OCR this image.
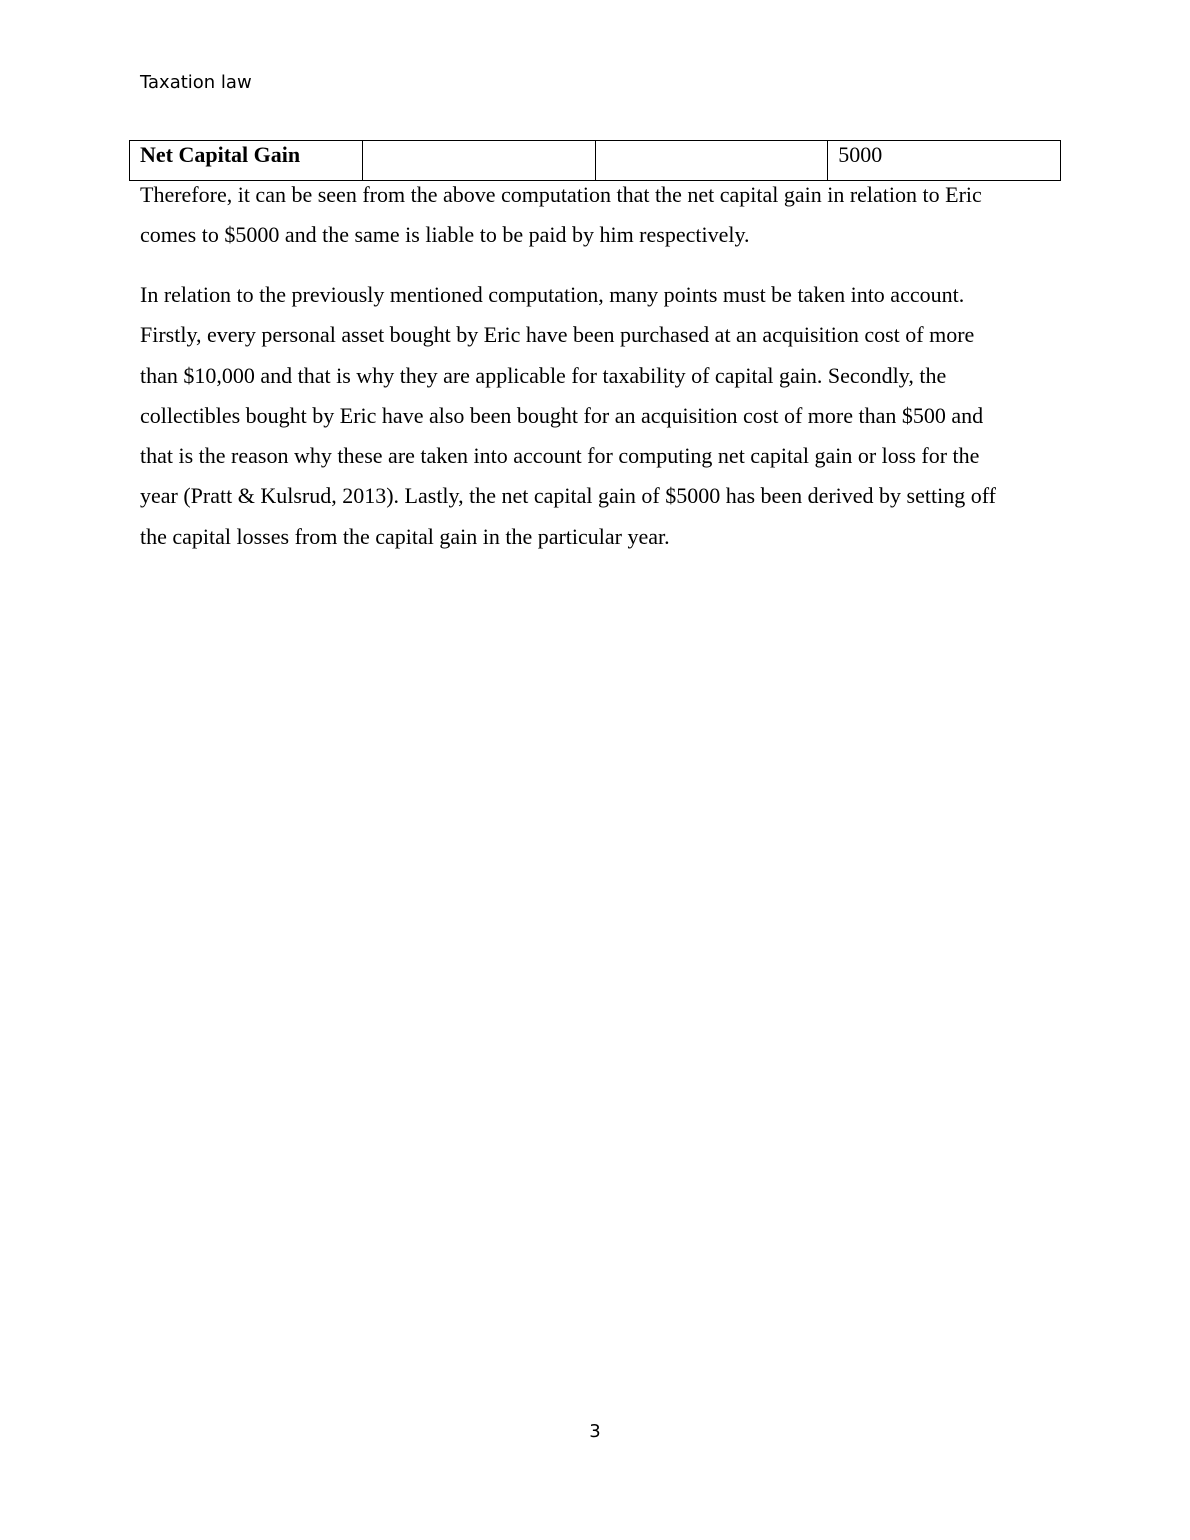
Taxation law
Net Capital Gain			5000

Therefore, it can be seen from the above computation that the net capital gain in relation to Eric
comes to $5000 and the same is liable to be paid by him respectively.

In relation to the previously mentioned computation, many points must be taken into account.
Firstly, every personal asset bought by Eric have been purchased at an acquisition cost of more
than $10,000 and that is why they are applicable for taxability of capital gain. Secondly, the
collectibles bought by Eric have also been bought for an acquisition cost of more than $500 and
that is the reason why these are taken into account for computing net capital gain or loss for the
year (Pratt & Kulsrud, 2013). Lastly, the net capital gain of $5000 has been derived by setting off
the capital losses from the capital gain in the particular year.

3
